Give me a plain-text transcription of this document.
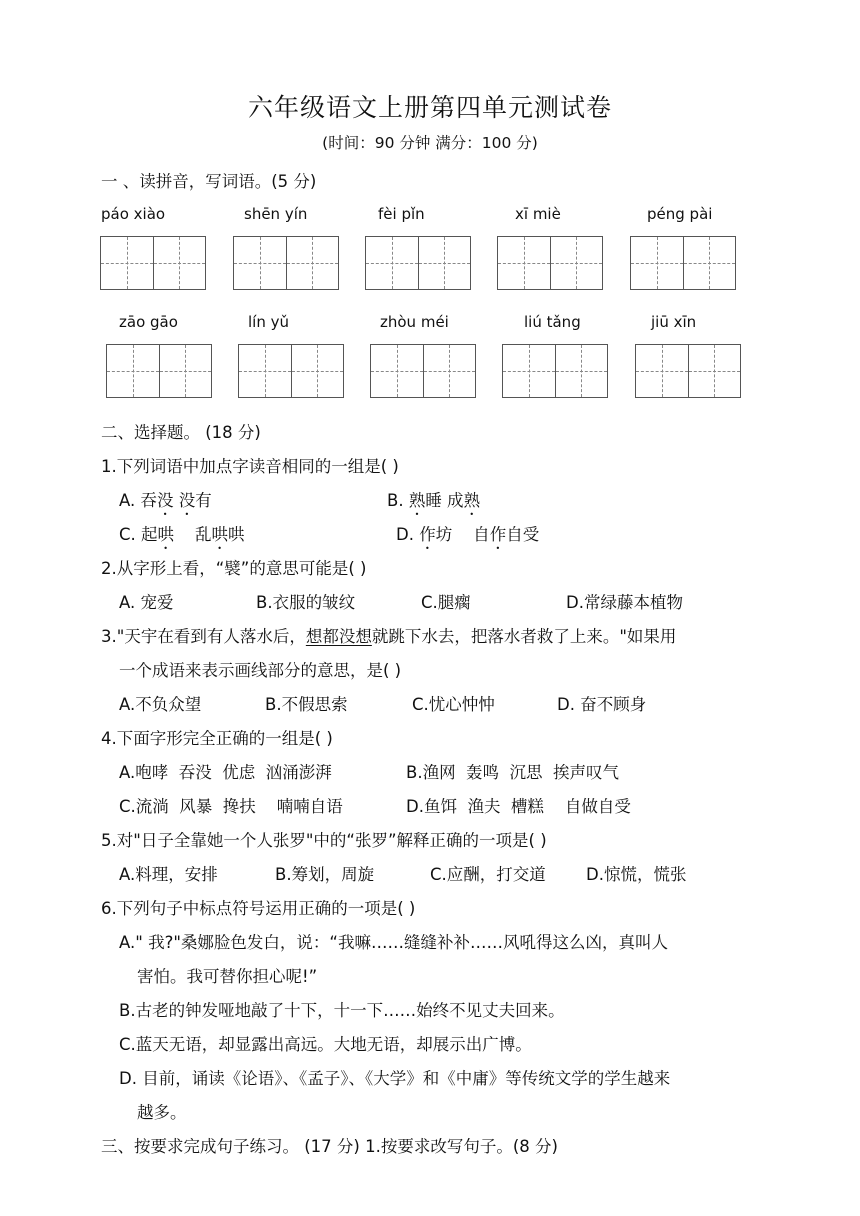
六年级语文上册第四单元测试卷
(时间：90 分钟 满分：100 分)
一 、读拼音，写词语。(5 分)
páo xiào	shēn yín	fèi pǐn	xī miè	péng pài
zāo gāo	lín yǔ	zhòu méi	liú tǎng	jiū xīn
二、选择题。 (18 分)
1.下列词语中加点字读音相同的一组是( )
A. 吞没 没有	B. 熟睡 成熟
C. 起哄    乱哄哄	D. 作坊    自作自受
2.从字形上看，“襞”的意思可能是( )
A. 宠爱	B.衣服的皱纹	C.腿瘸	D.常绿藤本植物
3."天宇在看到有人落水后，想都没想就跳下水去，把落水者救了上来。"如果用
一个成语来表示画线部分的意思，是( )
A.不负众望	B.不假思索	C.忧心忡忡	D. 奋不顾身
4.下面字形完全正确的一组是( )
A.咆哮  吞没  优虑  汹涌澎湃	B.渔网  轰鸣  沉思  挨声叹气
C.流淌  风暴  搀扶    喃喃自语	D.鱼饵  渔夫  槽糕    自做自受
5.对"日子全靠她一个人张罗"中的“张罗”解释正确的一项是( )
A.料理，安排	B.筹划，周旋	C.应酬，打交道 D.惊慌，慌张
6.下列句子中标点符号运用正确的一项是( )
A." 我?"桑娜脸色发白，说：“我嘛……缝缝补补……风吼得这么凶，真叫人
害怕。我可替你担心呢!”
B.古老的钟发哑地敲了十下，十一下……始终不见丈夫回来。
C.蓝天无语，却显露出高远。大地无语，却展示出广博。
D. 目前，诵读《论语》、《孟子》、《大学》和《中庸》等传统文学的学生越来
越多。
三、按要求完成句子练习。 (17 分) 1.按要求改写句子。(8 分)
